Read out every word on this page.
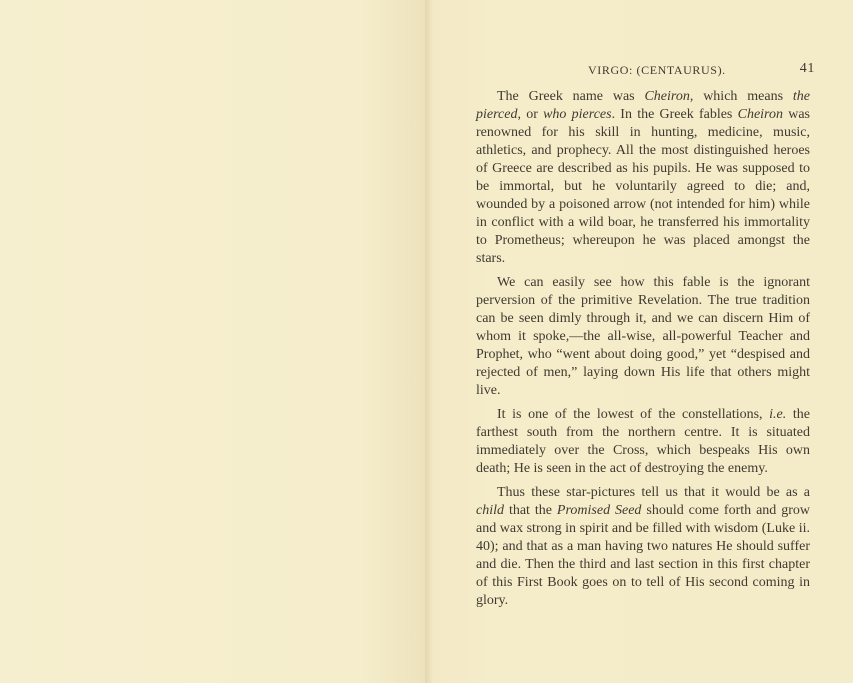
VIRGO: (CENTAURUS).	41

The Greek name was Cheiron, which means the pierced, or who pierces. In the Greek fables Cheiron was renowned for his skill in hunting, medicine, music, athletics, and prophecy. All the most distinguished heroes of Greece are described as his pupils. He was supposed to be immortal, but he voluntarily agreed to die; and, wounded by a poisoned arrow (not intended for him) while in conflict with a wild boar, he transferred his immortality to Prometheus; whereupon he was placed amongst the stars.

We can easily see how this fable is the ignorant perversion of the primitive Revelation. The true tradition can be seen dimly through it, and we can discern Him of whom it spoke,—the all-wise, all-powerful Teacher and Prophet, who “went about doing good,” yet “despised and rejected of men,” laying down His life that others might live.

It is one of the lowest of the constellations, i.e. the farthest south from the northern centre. It is situated immediately over the Cross, which bespeaks His own death; He is seen in the act of destroying the enemy.

Thus these star-pictures tell us that it would be as a child that the Promised Seed should come forth and grow and wax strong in spirit and be filled with wisdom (Luke ii. 40); and that as a man having two natures He should suffer and die. Then the third and last section in this first chapter of this First Book goes on to tell of His second coming in glory.
